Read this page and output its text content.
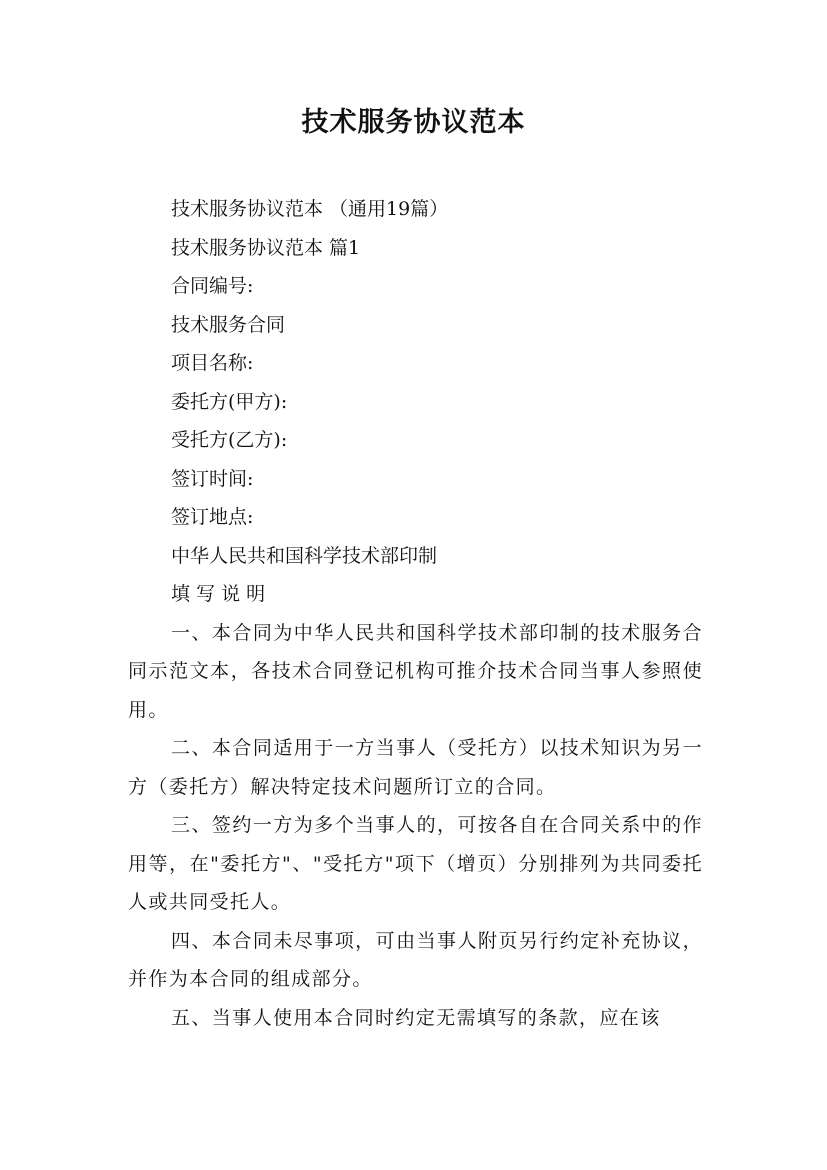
技术服务协议范本
技术服务协议范本 （通用19篇）
技术服务协议范本 篇1
合同编号:
技术服务合同
项目名称:
委托方(甲方):
受托方(乙方):
签订时间:
签订地点:
中华人民共和国科学技术部印制
填 写 说 明
一、本合同为中华人民共和国科学技术部印制的技术服务合同示范文本，各技术合同登记机构可推介技术合同当事人参照使用。
二、本合同适用于一方当事人（受托方）以技术知识为另一方（委托方）解决特定技术问题所订立的合同。
三、签约一方为多个当事人的，可按各自在合同关系中的作用等，在"委托方"、"受托方"项下（增页）分别排列为共同委托人或共同受托人。
四、本合同未尽事项，可由当事人附页另行约定补充协议，并作为本合同的组成部分。
五、当事人使用本合同时约定无需填写的条款，应在该
